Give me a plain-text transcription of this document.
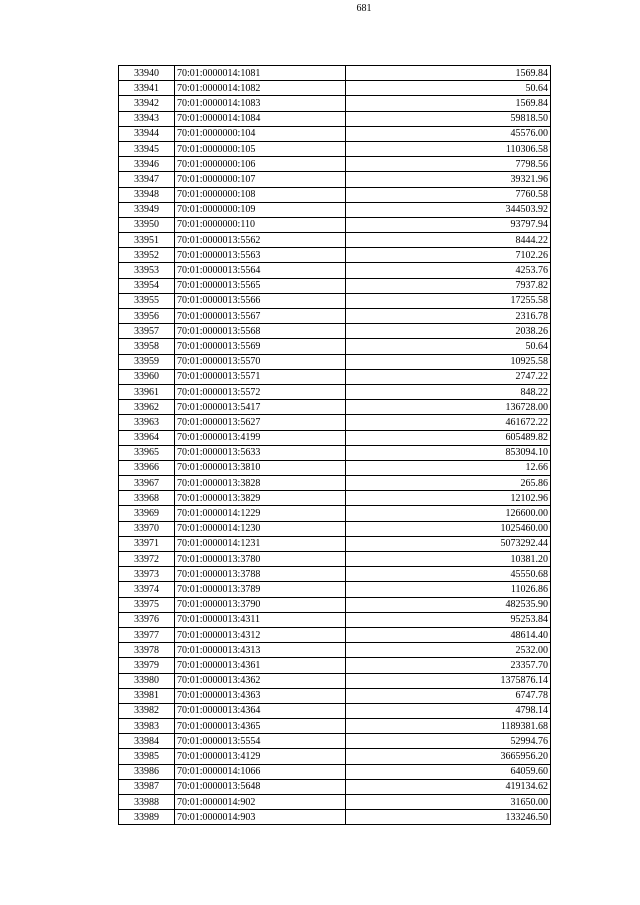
681
33940	70:01:0000014:1081	1569.84
33941	70:01:0000014:1082	50.64
33942	70:01:0000014:1083	1569.84
33943	70:01:0000014:1084	59818.50
33944	70:01:0000000:104	45576.00
33945	70:01:0000000:105	110306.58
33946	70:01:0000000:106	7798.56
33947	70:01:0000000:107	39321.96
33948	70:01:0000000:108	7760.58
33949	70:01:0000000:109	344503.92
33950	70:01:0000000:110	93797.94
33951	70:01:0000013:5562	8444.22
33952	70:01:0000013:5563	7102.26
33953	70:01:0000013:5564	4253.76
33954	70:01:0000013:5565	7937.82
33955	70:01:0000013:5566	17255.58
33956	70:01:0000013:5567	2316.78
33957	70:01:0000013:5568	2038.26
33958	70:01:0000013:5569	50.64
33959	70:01:0000013:5570	10925.58
33960	70:01:0000013:5571	2747.22
33961	70:01:0000013:5572	848.22
33962	70:01:0000013:5417	136728.00
33963	70:01:0000013:5627	461672.22
33964	70:01:0000013:4199	605489.82
33965	70:01:0000013:5633	853094.10
33966	70:01:0000013:3810	12.66
33967	70:01:0000013:3828	265.86
33968	70:01:0000013:3829	12102.96
33969	70:01:0000014:1229	126600.00
33970	70:01:0000014:1230	1025460.00
33971	70:01:0000014:1231	5073292.44
33972	70:01:0000013:3780	10381.20
33973	70:01:0000013:3788	45550.68
33974	70:01:0000013:3789	11026.86
33975	70:01:0000013:3790	482535.90
33976	70:01:0000013:4311	95253.84
33977	70:01:0000013:4312	48614.40
33978	70:01:0000013:4313	2532.00
33979	70:01:0000013:4361	23357.70
33980	70:01:0000013:4362	1375876.14
33981	70:01:0000013:4363	6747.78
33982	70:01:0000013:4364	4798.14
33983	70:01:0000013:4365	1189381.68
33984	70:01:0000013:5554	52994.76
33985	70:01:0000013:4129	3665956.20
33986	70:01:0000014:1066	64059.60
33987	70:01:0000013:5648	419134.62
33988	70:01:0000014:902	31650.00
33989	70:01:0000014:903	133246.50
